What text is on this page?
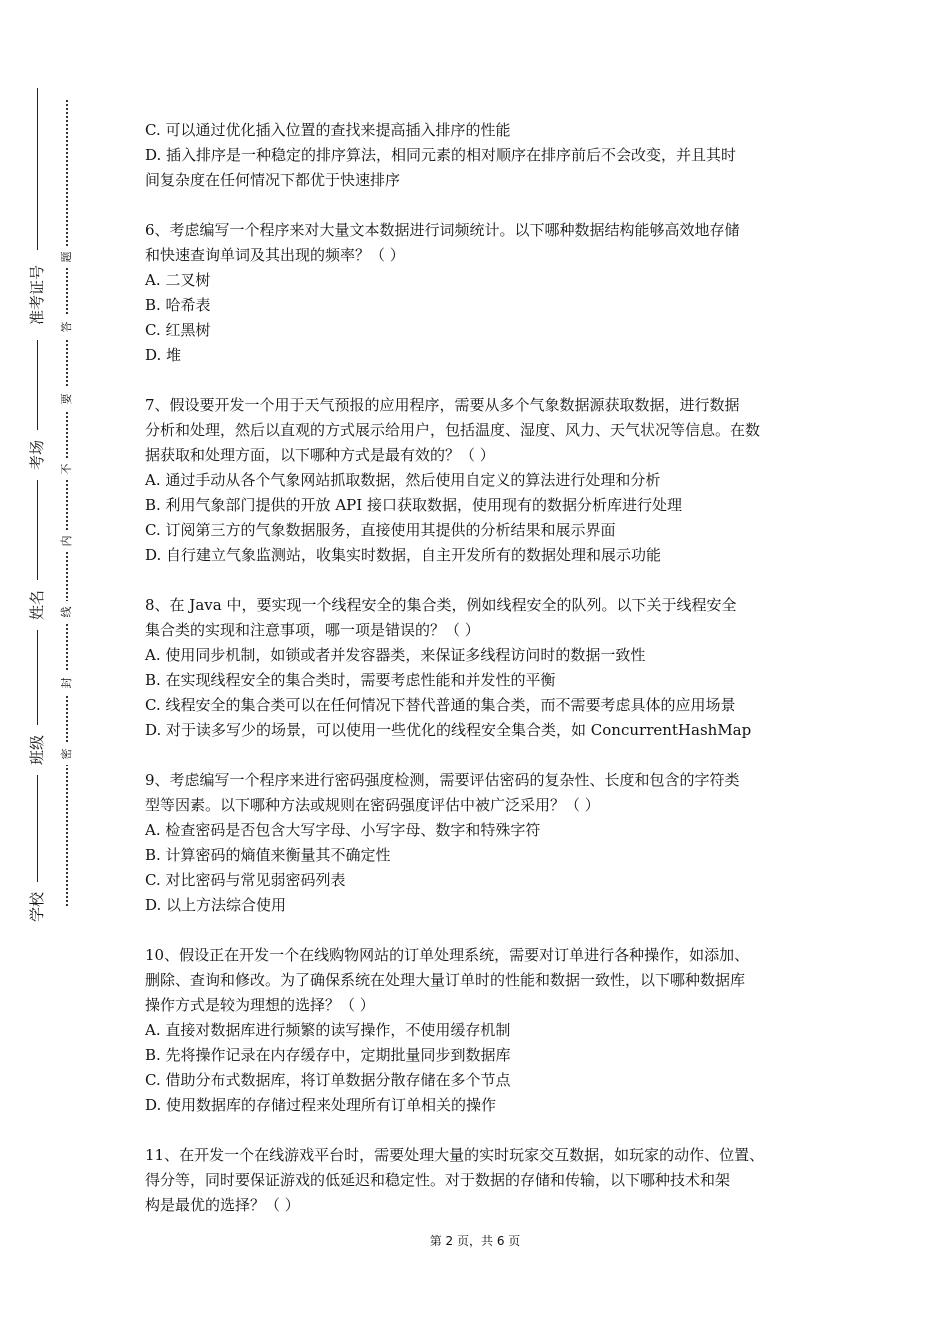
准考证号
考场
姓名
班级
学校
题
答
要
不
内
线
封
密
C. 可以通过优化插入位置的查找来提高插入排序的性能
D. 插入排序是一种稳定的排序算法，相同元素的相对顺序在排序前后不会改变，并且其时
间复杂度在任何情况下都优于快速排序
6、考虑编写一个程序来对大量文本数据进行词频统计。以下哪种数据结构能够高效地存储
和快速查询单词及其出现的频率？（ ）
A. 二叉树
B. 哈希表
C. 红黑树
D. 堆
7、假设要开发一个用于天气预报的应用程序，需要从多个气象数据源获取数据，进行数据
分析和处理，然后以直观的方式展示给用户，包括温度、湿度、风力、天气状况等信息。在数
据获取和处理方面，以下哪种方式是最有效的？（ ）
A. 通过手动从各个气象网站抓取数据，然后使用自定义的算法进行处理和分析
B. 利用气象部门提供的开放 API 接口获取数据，使用现有的数据分析库进行处理
C. 订阅第三方的气象数据服务，直接使用其提供的分析结果和展示界面
D. 自行建立气象监测站，收集实时数据，自主开发所有的数据处理和展示功能
8、在 Java 中，要实现一个线程安全的集合类，例如线程安全的队列。以下关于线程安全
集合类的实现和注意事项，哪一项是错误的？（ ）
A. 使用同步机制，如锁或者并发容器类，来保证多线程访问时的数据一致性
B. 在实现线程安全的集合类时，需要考虑性能和并发性的平衡
C. 线程安全的集合类可以在任何情况下替代普通的集合类，而不需要考虑具体的应用场景
D. 对于读多写少的场景，可以使用一些优化的线程安全集合类，如 ConcurrentHashMap
9、考虑编写一个程序来进行密码强度检测，需要评估密码的复杂性、长度和包含的字符类
型等因素。以下哪种方法或规则在密码强度评估中被广泛采用？（ ）
A. 检查密码是否包含大写字母、小写字母、数字和特殊字符
B. 计算密码的熵值来衡量其不确定性
C. 对比密码与常见弱密码列表
D. 以上方法综合使用
10、假设正在开发一个在线购物网站的订单处理系统，需要对订单进行各种操作，如添加、
删除、查询和修改。为了确保系统在处理大量订单时的性能和数据一致性，以下哪种数据库
操作方式是较为理想的选择？（ ）
A. 直接对数据库进行频繁的读写操作，不使用缓存机制
B. 先将操作记录在内存缓存中，定期批量同步到数据库
C. 借助分布式数据库，将订单数据分散存储在多个节点
D. 使用数据库的存储过程来处理所有订单相关的操作
11、在开发一个在线游戏平台时，需要处理大量的实时玩家交互数据，如玩家的动作、位置、
得分等，同时要保证游戏的低延迟和稳定性。对于数据的存储和传输，以下哪种技术和架
构是最优的选择？（ ）
第 2 页，共 6 页
